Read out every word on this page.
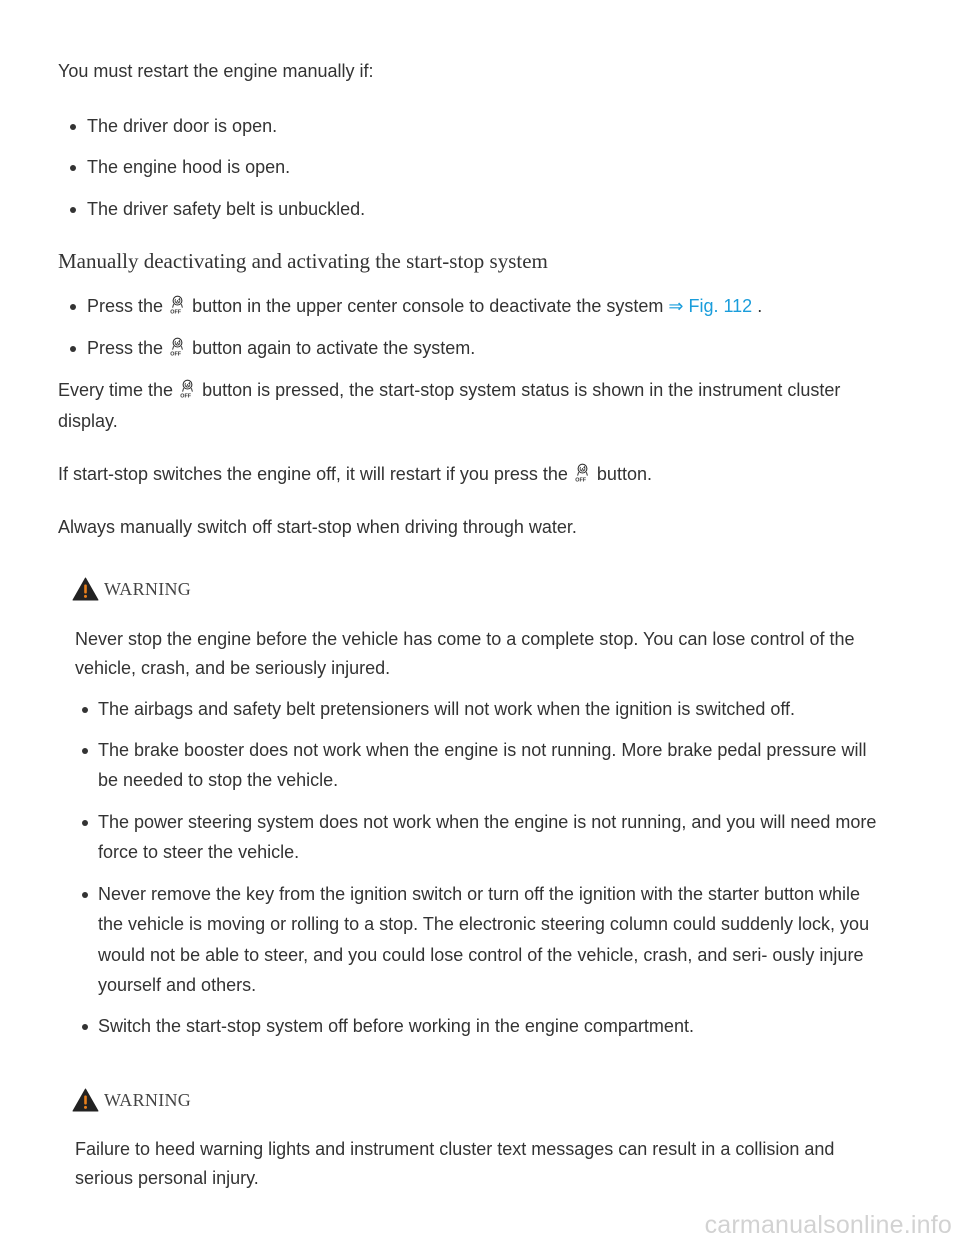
You must restart the engine manually if:

The driver door is open.
The engine hood is open.
The driver safety belt is unbuckled.
Manually deactivating and activating the start-stop system
Press the button in the upper center console to deactivate the system ⇒ Fig. 112 .
Press the button again to activate the system.

Every time the button is pressed, the start-stop system status is shown in the instrument cluster display.

If start-stop switches the engine off, it will restart if you press the button.

Always manually switch off start-stop when driving through water.

WARNING

Never stop the engine before the vehicle has come to a complete stop. You can lose control of the vehicle, crash, and be seriously injured.

The airbags and safety belt pretensioners will not work when the ignition is switched off.
The brake booster does not work when the engine is not running. More brake pedal pressure will be needed to stop the vehicle.
The power steering system does not work when the engine is not running, and you will need more force to steer the vehicle.
Never remove the key from the ignition switch or turn off the ignition with the starter button while the vehicle is moving or rolling to a stop. The electronic steering column could suddenly lock, you would not be able to steer, and you could lose control of the vehicle, crash, and seri- ously injure yourself and others.
Switch the start-stop system off before working in the engine compartment.
WARNING

Failure to heed warning lights and instrument cluster text messages can result in a collision and serious personal injury.

carmanualsonline.info
